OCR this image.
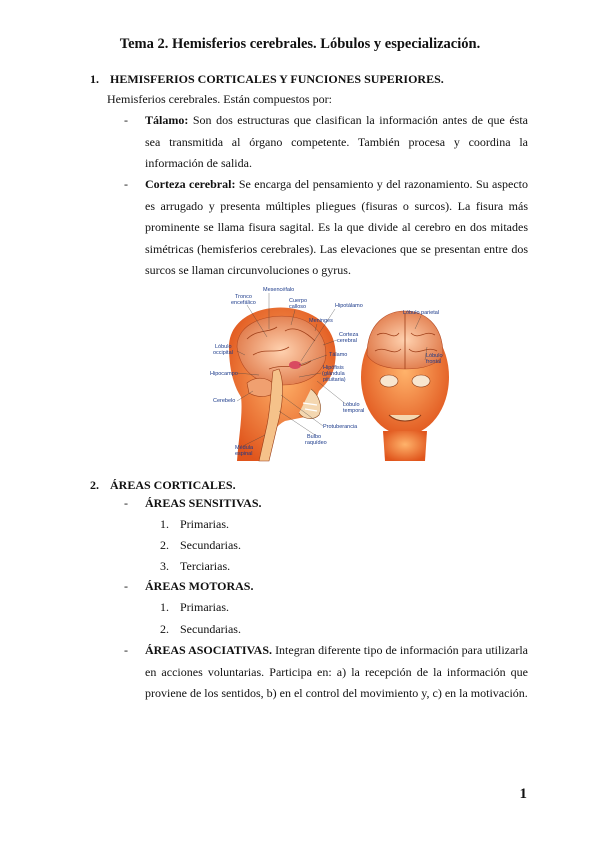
Tema 2. Hemisferios cerebrales. Lóbulos y especialización.
1. HEMISFERIOS CORTICALES Y FUNCIONES SUPERIORES.
Hemisferios cerebrales. Están compuestos por:
- Tálamo: Son dos estructuras que clasifican la información antes de que ésta sea transmitida al órgano competente. También procesa y coordina la información de salida.
- Corteza cerebral: Se encarga del pensamiento y del razonamiento. Su aspecto es arrugado y presenta múltiples pliegues (fisuras o surcos). La fisura más prominente se llama fisura sagital. Es la que divide al cerebro en dos mitades simétricas (hemisferios cerebrales). Las elevaciones que se presentan entre dos surcos se llaman circunvoluciones o gyrus.
Mesencéfalo
Tronco
encefálico	Cuerpo
calloso	Hipotálamo
Lóbulo parietal
Meninges
Corteza
cerebral
Lóbulo
occipital	Tálamo	Lóbulo
frontal
Hipocampo
Hipófisis
(glándula
pituitaria)
Cerebelo
Lóbulo
temporal
Protuberancia
Bulbo
raquídeo
Médula
espinal
2. ÁREAS CORTICALES.
- ÁREAS SENSITIVAS.
1. Primarias.
2. Secundarias.
3. Terciarias.
- ÁREAS MOTORAS.
1. Primarias.
2. Secundarias.
- ÁREAS ASOCIATIVAS. Integran diferente tipo de información para utilizarla en acciones voluntarias. Participa en: a) la recepción de la información que proviene de los sentidos, b) en el control del movimiento y, c) en la motivación.
1
